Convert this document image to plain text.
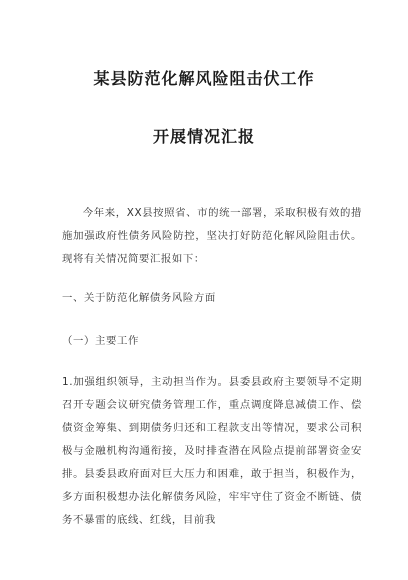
某县防范化解风险阻击伏工作
开展情况汇报

今年来，XX县按照省、市的统一部署，采取积极有效的措施加强政府性债务风险防控，坚决打好防范化解风险阻击伏。现将有关情况简要汇报如下：

一、关于防范化解债务风险方面

（一）主要工作

1.加强组织领导，主动担当作为。县委县政府主要领导不定期召开专题会议研究债务管理工作，重点调度降息减债工作、偿债资金筹集、到期债务归还和工程款支出等情况，要求公司积极与金融机构沟通衔接，及时排查潜在风险点提前部署资金安排。县委县政府面对巨大压力和困难，敢于担当，积极作为，多方面积极想办法化解债务风险，牢牢守住了资金不断链、债务不暴雷的底线、红线，目前我
